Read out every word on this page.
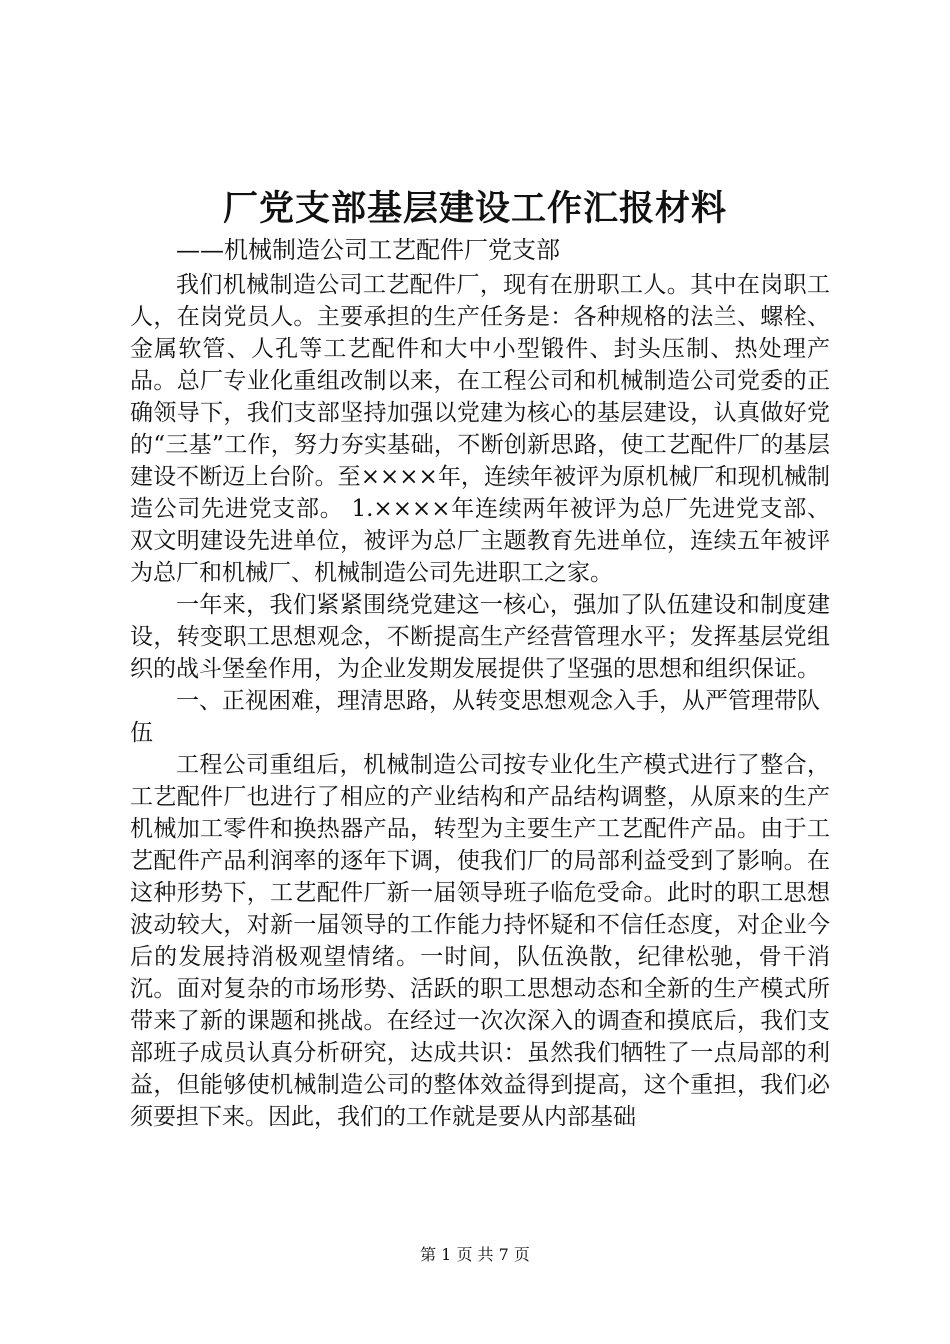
厂党支部基层建设工作汇报材料
——机械制造公司工艺配件厂党支部

我们机械制造公司工艺配件厂，现有在册职工人。其中在岗职工人，在岗党员人。主要承担的生产任务是：各种规格的法兰、螺栓、金属软管、人孔等工艺配件和大中小型锻件、封头压制、热处理产品。总厂专业化重组改制以来，在工程公司和机械制造公司党委的正确领导下，我们支部坚持加强以党建为核心的基层建设，认真做好党的“三基”工作，努力夯实基础，不断创新思路，使工艺配件厂的基层建设不断迈上台阶。至××××年，连续年被评为原机械厂和现机械制造公司先进党支部。 1.××××年连续两年被评为总厂先进党支部、双文明建设先进单位，被评为总厂主题教育先进单位，连续五年被评为总厂和机械厂、机械制造公司先进职工之家。

一年来，我们紧紧围绕党建这一核心，强加了队伍建设和制度建设，转变职工思想观念，不断提高生产经营管理水平；发挥基层党组织的战斗堡垒作用，为企业发期发展提供了坚强的思想和组织保证。

一、正视困难，理清思路，从转变思想观念入手，从严管理带队伍

工程公司重组后，机械制造公司按专业化生产模式进行了整合，工艺配件厂也进行了相应的产业结构和产品结构调整，从原来的生产机械加工零件和换热器产品，转型为主要生产工艺配件产品。由于工艺配件产品利润率的逐年下调，使我们厂的局部利益受到了影响。在这种形势下，工艺配件厂新一届领导班子临危受命。此时的职工思想波动较大，对新一届领导的工作能力持怀疑和不信任态度，对企业今后的发展持消极观望情绪。一时间，队伍涣散，纪律松驰，骨干消沉。面对复杂的市场形势、活跃的职工思想动态和全新的生产模式所带来了新的课题和挑战。在经过一次次深入的调查和摸底后，我们支部班子成员认真分析研究，达成共识：虽然我们牺牲了一点局部的利益，但能够使机械制造公司的整体效益得到提高，这个重担，我们必须要担下来。因此，我们的工作就是要从内部基础

第 1 页 共 7 页
